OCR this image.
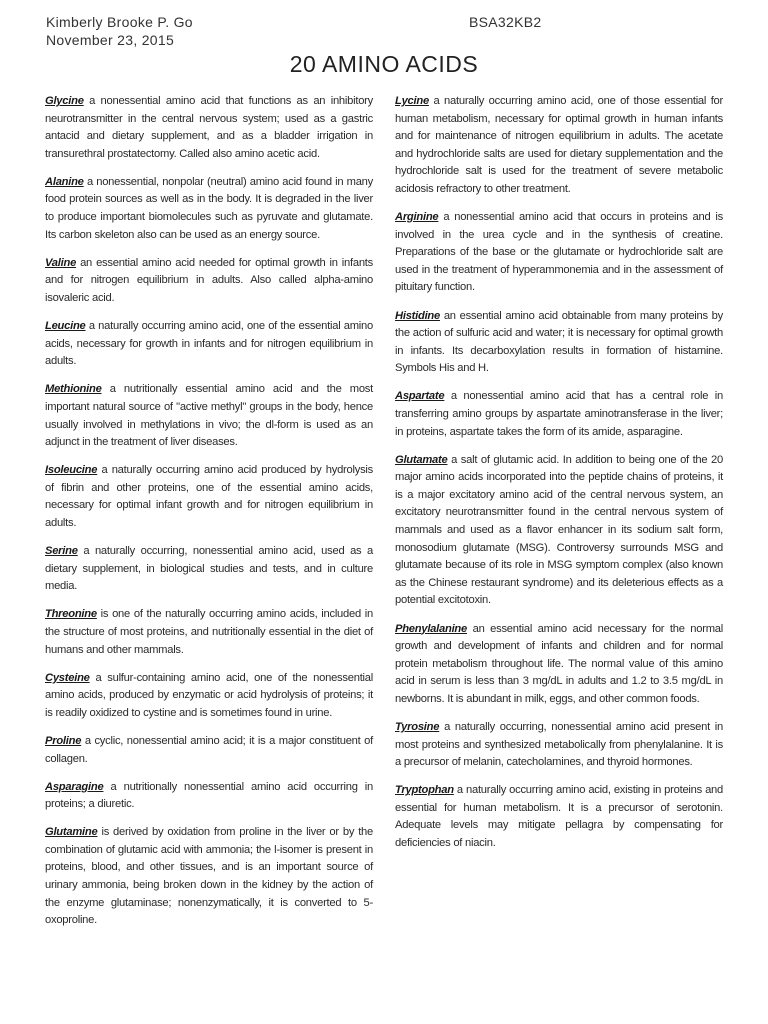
Kimberly Brooke P. Go
November 23, 2015
BSA32KB2
20 AMINO ACIDS

Glycine a nonessential amino acid that functions as an inhibitory neurotransmitter in the central nervous system; used as a gastric antacid and dietary supplement, and as a bladder irrigation in transurethral prostatectomy. Called also amino acetic acid.

Alanine a nonessential, nonpolar (neutral) amino acid found in many food protein sources as well as in the body. It is degraded in the liver to produce important biomolecules such as pyruvate and glutamate. Its carbon skeleton also can be used as an energy source.

Valine an essential amino acid needed for optimal growth in infants and for nitrogen equilibrium in adults. Also called alpha-amino isovaleric acid.

Leucine a naturally occurring amino acid, one of the essential amino acids, necessary for growth in infants and for nitrogen equilibrium in adults.

Methionine a nutritionally essential amino acid and the most important natural source of "active methyl" groups in the body, hence usually involved in methylations in vivo; the dl-form is used as an adjunct in the treatment of liver diseases.

Isoleucine a naturally occurring amino acid produced by hydrolysis of fibrin and other proteins, one of the essential amino acids, necessary for optimal infant growth and for nitrogen equilibrium in adults.

Serine a naturally occurring, nonessential amino acid, used as a dietary supplement, in biological studies and tests, and in culture media.

Threonine is one of the naturally occurring amino acids, included in the structure of most proteins, and nutritionally essential in the diet of humans and other mammals.

Cysteine a sulfur-containing amino acid, one of the nonessential amino acids, produced by enzymatic or acid hydrolysis of proteins; it is readily oxidized to cystine and is sometimes found in urine.

Proline a cyclic, nonessential amino acid; it is a major constituent of collagen.

Asparagine a nutritionally nonessential amino acid occurring in proteins; a diuretic.

Glutamine is derived by oxidation from proline in the liver or by the combination of glutamic acid with ammonia; the l-isomer is present in proteins, blood, and other tissues, and is an important source of urinary ammonia, being broken down in the kidney by the action of the enzyme glutaminase; nonenzymatically, it is converted to 5-oxoproline.

Lycine a naturally occurring amino acid, one of those essential for human metabolism, necessary for optimal growth in human infants and for maintenance of nitrogen equilibrium in adults. The acetate and hydrochloride salts are used for dietary supplementation and the hydrochloride salt is used for the treatment of severe metabolic acidosis refractory to other treatment.

Arginine a nonessential amino acid that occurs in proteins and is involved in the urea cycle and in the synthesis of creatine. Preparations of the base or the glutamate or hydrochloride salt are used in the treatment of hyperammonemia and in the assessment of pituitary function.

Histidine an essential amino acid obtainable from many proteins by the action of sulfuric acid and water; it is necessary for optimal growth in infants. Its decarboxylation results in formation of histamine. Symbols His and H.

Aspartate a nonessential amino acid that has a central role in transferring amino groups by aspartate aminotransferase in the liver; in proteins, aspartate takes the form of its amide, asparagine.

Glutamate a salt of glutamic acid. In addition to being one of the 20 major amino acids incorporated into the peptide chains of proteins, it is a major excitatory amino acid of the central nervous system, an excitatory neurotransmitter found in the central nervous system of mammals and used as a flavor enhancer in its sodium salt form, monosodium glutamate (MSG). Controversy surrounds MSG and glutamate because of its role in MSG symptom complex (also known as the Chinese restaurant syndrome) and its deleterious effects as a potential excitotoxin.

Phenylalanine an essential amino acid necessary for the normal growth and development of infants and children and for normal protein metabolism throughout life. The normal value of this amino acid in serum is less than 3 mg/dL in adults and 1.2 to 3.5 mg/dL in newborns. It is abundant in milk, eggs, and other common foods.

Tyrosine a naturally occurring, nonessential amino acid present in most proteins and synthesized metabolically from phenylalanine. It is a precursor of melanin, catecholamines, and thyroid hormones.

Tryptophan a naturally occurring amino acid, existing in proteins and essential for human metabolism. It is a precursor of serotonin. Adequate levels may mitigate pellagra by compensating for deficiencies of niacin.
